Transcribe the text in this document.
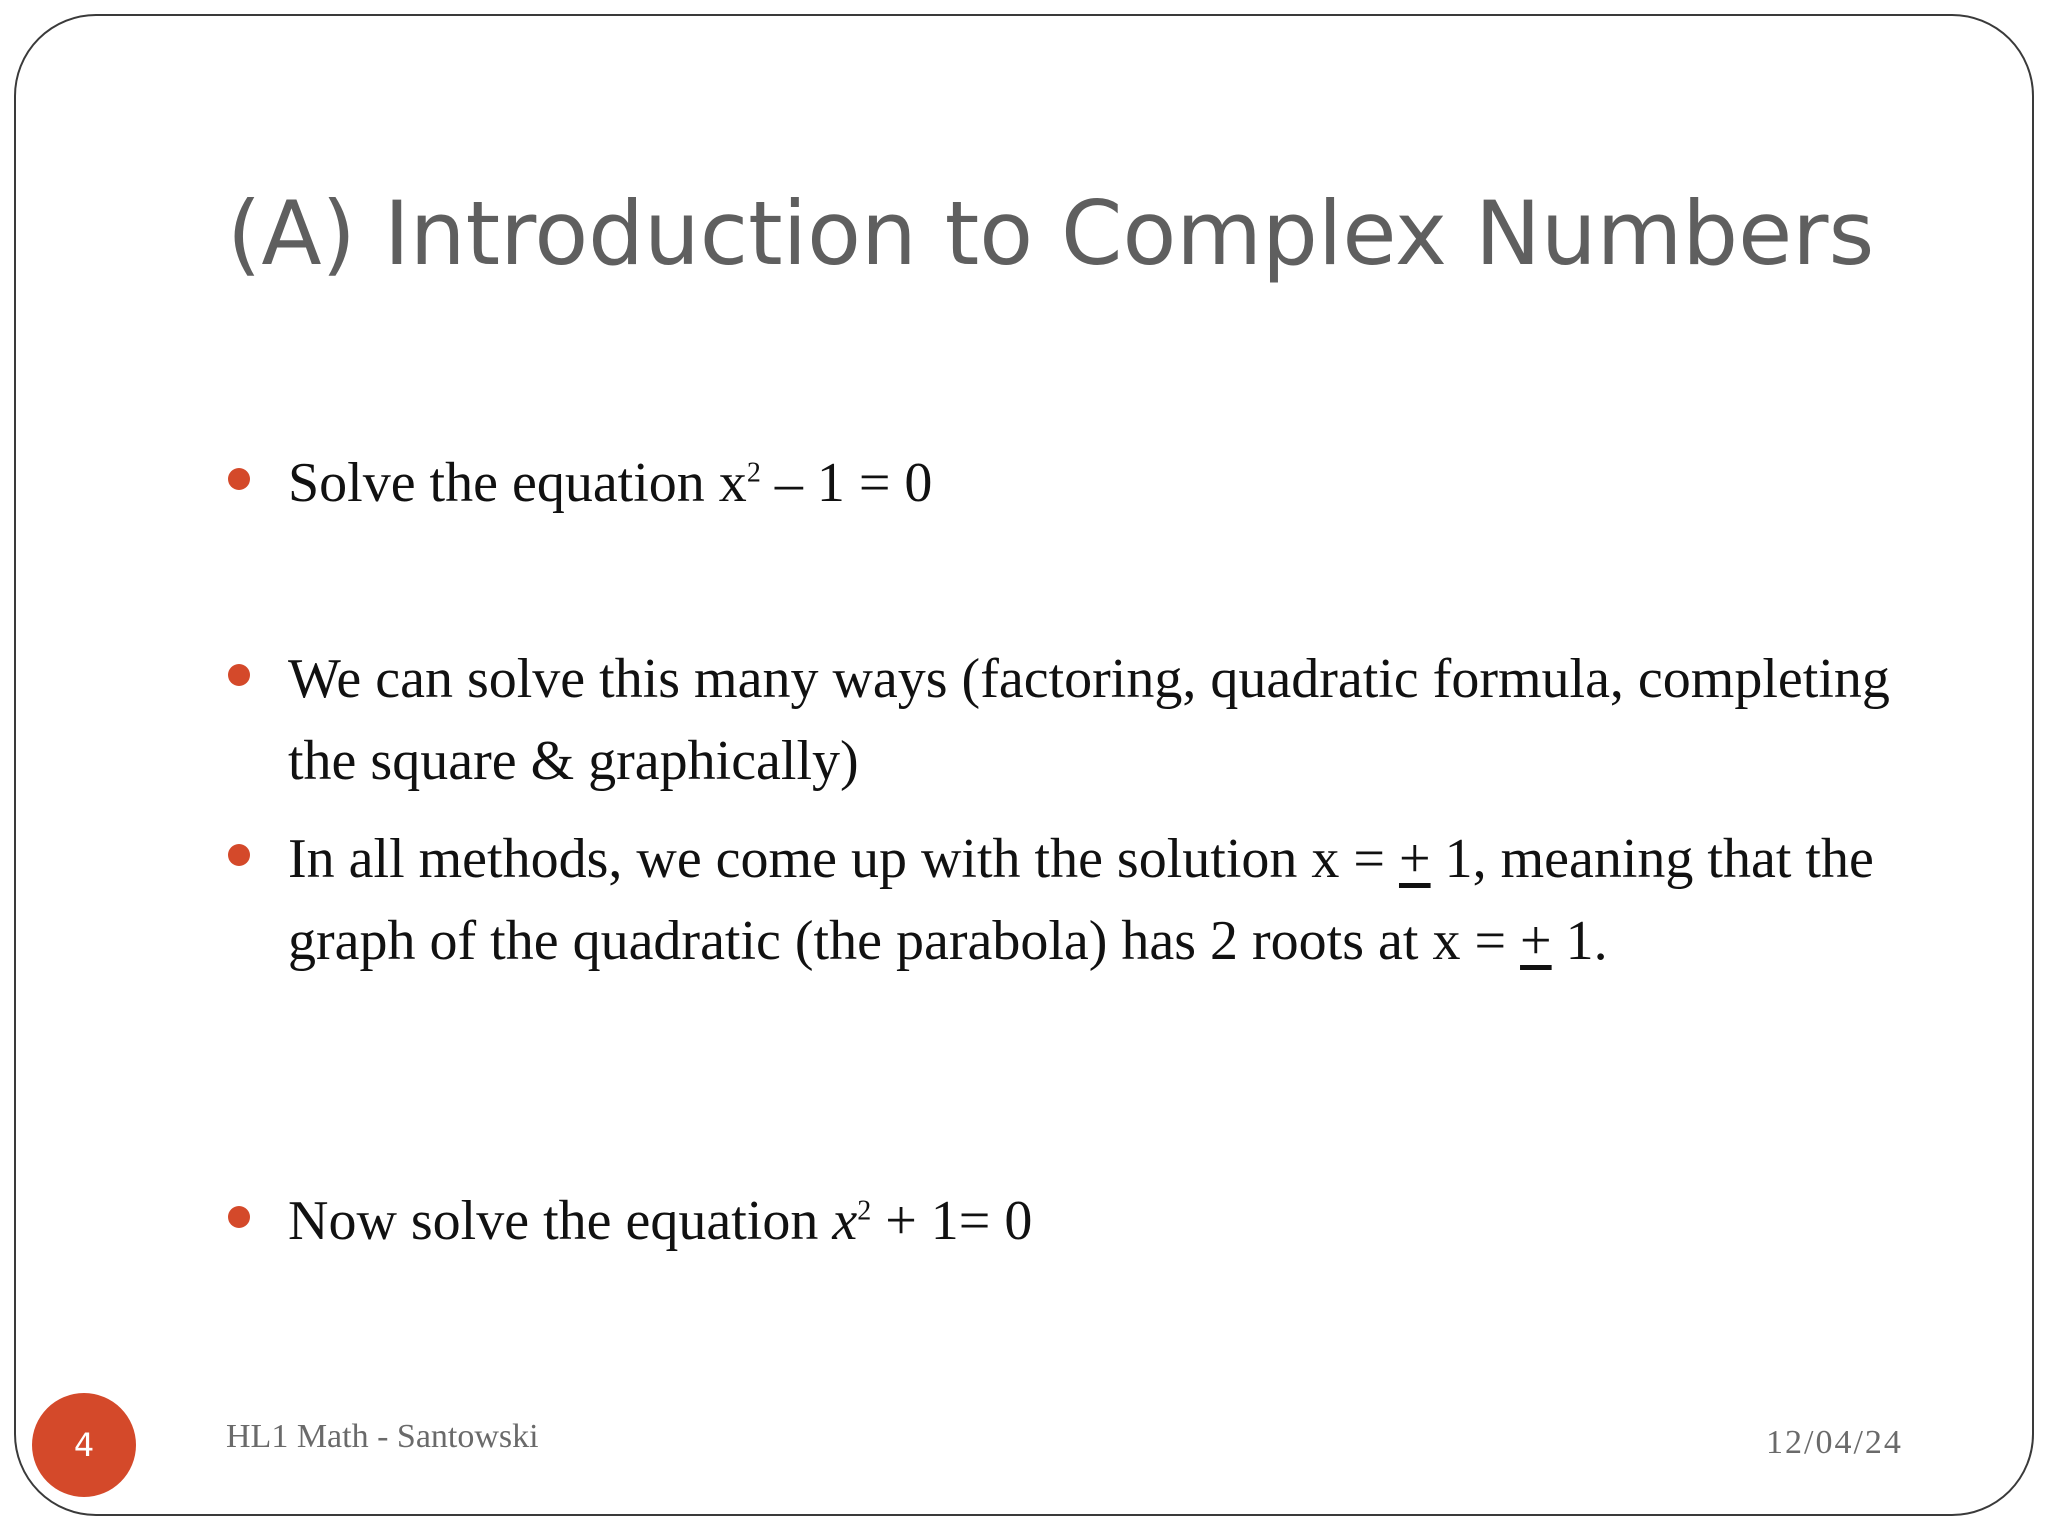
(A) Introduction to Complex Numbers
Solve the equation $x^2 - 1 = 0$
We can solve this many ways (factoring, quadratic formula, completing the square & graphically)
In all methods, we come up with the solution x = + 1, meaning that the graph of the quadratic (the parabola) has 2 roots at x = + 1.
Now solve the equation $x^2 + 1= 0$
4	HL1 Math - Santowski	12/04/24
